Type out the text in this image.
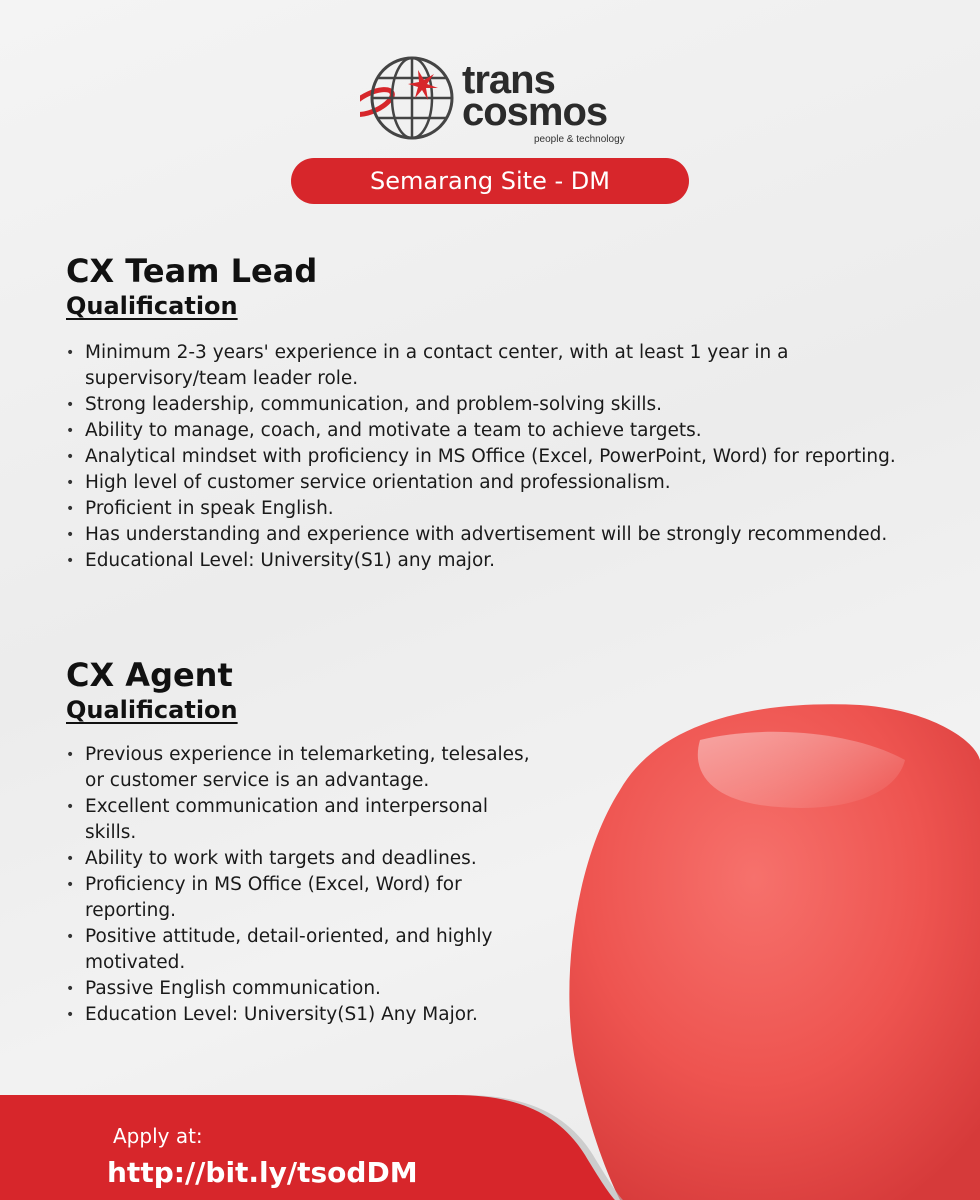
trans
cosmos
people & technology
Semarang Site - DM
CX Team Lead
Qualification
• Minimum 2-3 years' experience in a contact center, with at least 1 year in a supervisory/team leader role.
• Strong leadership, communication, and problem-solving skills.
• Ability to manage, coach, and motivate a team to achieve targets.
• Analytical mindset with proficiency in MS Office (Excel, PowerPoint, Word) for reporting.
• High level of customer service orientation and professionalism.
• Proficient in speak English.
• Has understanding and experience with advertisement will be strongly recommended.
• Educational Level: University(S1) any major.
CX Agent
Qualification
• Previous experience in telemarketing, telesales, or customer service is an advantage.
• Excellent communication and interpersonal skills.
• Ability to work with targets and deadlines.
• Proficiency in MS Office (Excel, Word) for reporting.
• Positive attitude, detail-oriented, and highly motivated.
• Passive English communication.
• Education Level: University(S1) Any Major.
Apply at:
http://bit.ly/tsodDM
